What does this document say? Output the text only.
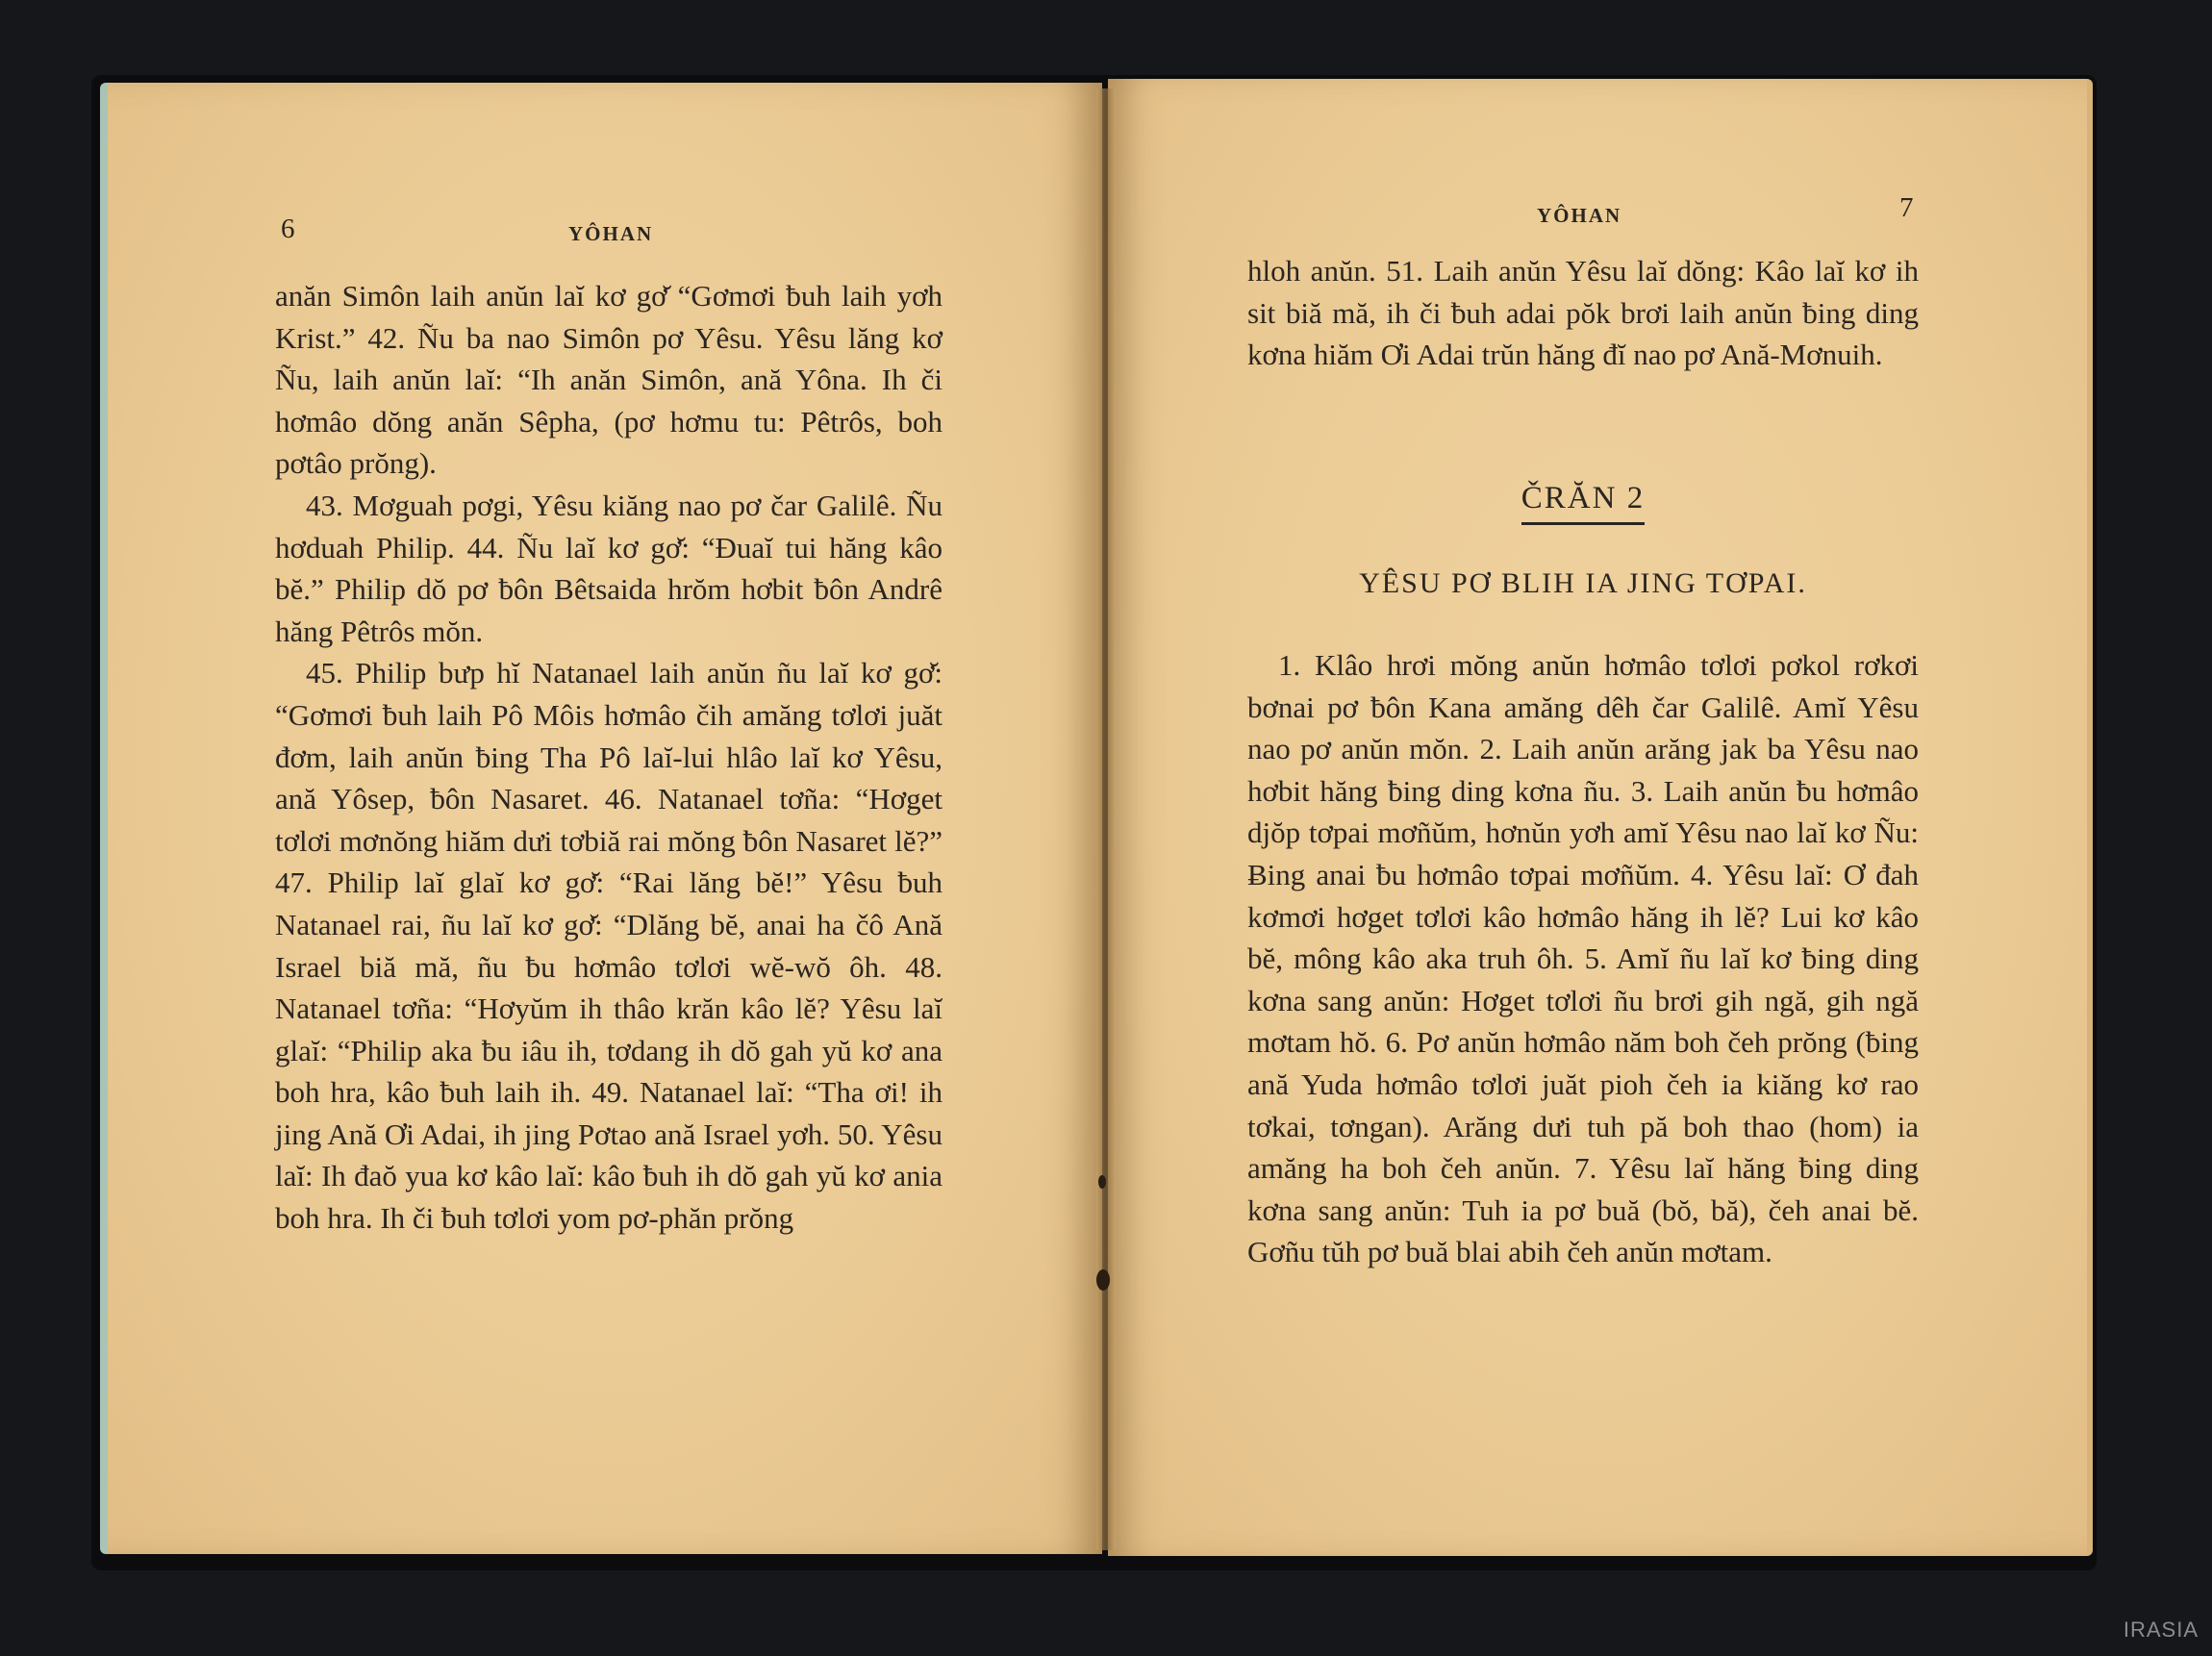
6	YÔHAN

anăn Simôn laih anŭn laĭ kơ gơ̆ “Gơmơi ƀuh laih yơh Krist.” 42. Ñu ba nao Simôn pơ Yêsu. Yêsu lăng kơ Ñu, laih anŭn laĭ: “Ih anăn Simôn, ană Yôna. Ih či hơmâo dŏng anăn Sêpha, (pơ hơmu tu: Pêtrôs, boh pơtâo prŏng).

43. Mơguah pơgi, Yêsu kiăng nao pơ čar Galilê. Ñu hơduah Philip. 44. Ñu laĭ kơ gơ̆: “Đuaĭ tui hăng kâo bĕ.” Philip dŏ pơ ƀôn Bêtsaida hrŏm hơbit ƀôn Andrê hăng Pêtrôs mŏn.

45. Philip bưp hĭ Natanael laih anŭn ñu laĭ kơ gơ̆: “Gơmơi ƀuh laih Pô Môis hơmâo čih amăng tơlơi juăt đơm, laih anŭn ƀing Tha Pô laĭ-lui hlâo laĭ kơ Yêsu, ană Yôsep, ƀôn Nasaret. 46. Natanael tơña: “Hơget tơlơi mơnŏng hiăm dưi tơbiă rai mŏng ƀôn Nasaret lĕ?” 47. Philip laĭ glaĭ kơ gơ̆: “Rai lăng bĕ!” Yêsu ƀuh Natanael rai, ñu laĭ kơ gơ̆: “Dlăng bĕ, anai ha čô Ană Israel biă mă, ñu ƀu hơmâo tơlơi wĕ-wŏ ôh. 48. Natanael tơña: “Hơyŭm ih thâo krăn kâo lĕ? Yêsu laĭ glaĭ: “Philip aka ƀu iâu ih, tơdang ih dŏ gah yŭ kơ ana boh hra, kâo ƀuh laih ih. 49. Natanael laĭ: “Tha ơi! ih jing Ană Ơi Adai, ih jing Pơtao ană Israel yơh. 50. Yêsu laĭ: Ih đaŏ yua kơ kâo laĭ: kâo ƀuh ih dŏ gah yŭ kơ ania boh hra. Ih či ƀuh tơlơi yom pơ-phăn prŏng

YÔHAN	7

hloh anŭn. 51. Laih anŭn Yêsu laĭ dŏng: Kâo laĭ kơ ih sit biă mă, ih či ƀuh adai pŏk brơi laih anŭn ƀing ding kơna hiăm Ơi Adai trŭn hăng đĭ nao pơ Ană-Mơnuih.

ČRĂN 2
YÊSU PƠ BLIH IA JING TƠPAI.

1. Klâo hrơi mŏng anŭn hơmâo tơlơi pơkol rơkơi bơnai pơ ƀôn Kana amăng dêh čar Galilê. Amĭ Yêsu nao pơ anŭn mŏn. 2. Laih anŭn arăng jak ba Yêsu nao hơbit hăng ƀing ding kơna ñu. 3. Laih anŭn ƀu hơmâo djŏp tơpai mơñŭm, hơnŭn yơh amĭ Yêsu nao laĭ kơ Ñu: Ƀing anai ƀu hơmâo tơpai mơñŭm. 4. Yêsu laĭ: Ơ đah kơmơi hơget tơlơi kâo hơmâo hăng ih lĕ? Lui kơ kâo bĕ, mông kâo aka truh ôh. 5. Amĭ ñu laĭ kơ ƀing ding kơna sang anŭn: Hơget tơlơi ñu brơi gih ngă, gih ngă mơtam hŏ. 6. Pơ anŭn hơmâo năm boh čeh prŏng (ƀing ană Yuda hơmâo tơlơi juăt pioh čeh ia kiăng kơ rao tơkai, tơngan). Arăng dưi tuh pă boh thao (hom) ia amăng ha boh čeh anŭn. 7. Yêsu laĭ hăng ƀing ding kơna sang anŭn: Tuh ia pơ buă (bŏ, bă), čeh anai bĕ. Gơñu tŭh pơ buă blai abih čeh anŭn mơtam.

IRASIA
